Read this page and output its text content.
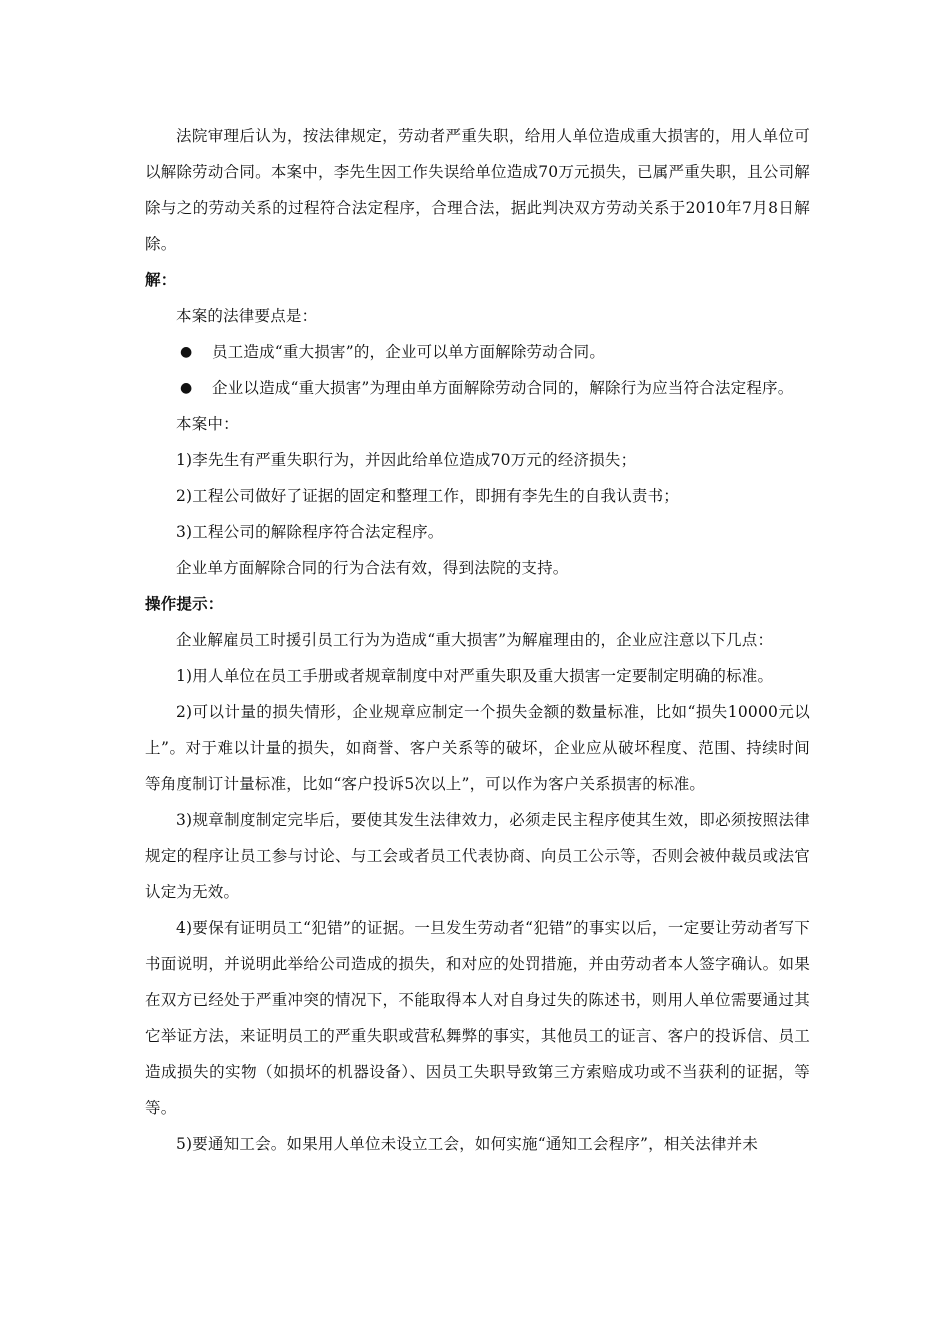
法院审理后认为，按法律规定，劳动者严重失职，给用人单位造成重大损害的，用人单位可以解除劳动合同。本案中，李先生因工作失误给单位造成70万元损失，已属严重失职，且公司解除与之的劳动关系的过程符合法定程序，合理合法，据此判决双方劳动关系于2010年7月8日解除。

解：

本案的法律要点是：

● 员工造成“重大损害”的，企业可以单方面解除劳动合同。

● 企业以造成“重大损害”为理由单方面解除劳动合同的，解除行为应当符合法定程序。

本案中：

1)李先生有严重失职行为，并因此给单位造成70万元的经济损失；

2)工程公司做好了证据的固定和整理工作，即拥有李先生的自我认责书；

3)工程公司的解除程序符合法定程序。

企业单方面解除合同的行为合法有效，得到法院的支持。

操作提示：

企业解雇员工时援引员工行为为造成“重大损害”为解雇理由的，企业应注意以下几点：

1)用人单位在员工手册或者规章制度中对严重失职及重大损害一定要制定明确的标准。

2)可以计量的损失情形，企业规章应制定一个损失金额的数量标准，比如“损失10000元以上”。对于难以计量的损失，如商誉、客户关系等的破坏，企业应从破坏程度、范围、持续时间等角度制订计量标准，比如“客户投诉5次以上”，可以作为客户关系损害的标准。

3)规章制度制定完毕后，要使其发生法律效力，必须走民主程序使其生效，即必须按照法律规定的程序让员工参与讨论、与工会或者员工代表协商、向员工公示等，否则会被仲裁员或法官认定为无效。

4)要保有证明员工“犯错”的证据。一旦发生劳动者“犯错”的事实以后，一定要让劳动者写下书面说明，并说明此举给公司造成的损失，和对应的处罚措施，并由劳动者本人签字确认。如果在双方已经处于严重冲突的情况下，不能取得本人对自身过失的陈述书，则用人单位需要通过其它举证方法，来证明员工的严重失职或营私舞弊的事实，其他员工的证言、客户的投诉信、员工造成损失的实物（如损坏的机器设备）、因员工失职导致第三方索赔成功或不当获利的证据，等等。

5)要通知工会。如果用人单位未设立工会，如何实施“通知工会程序”，相关法律并未
